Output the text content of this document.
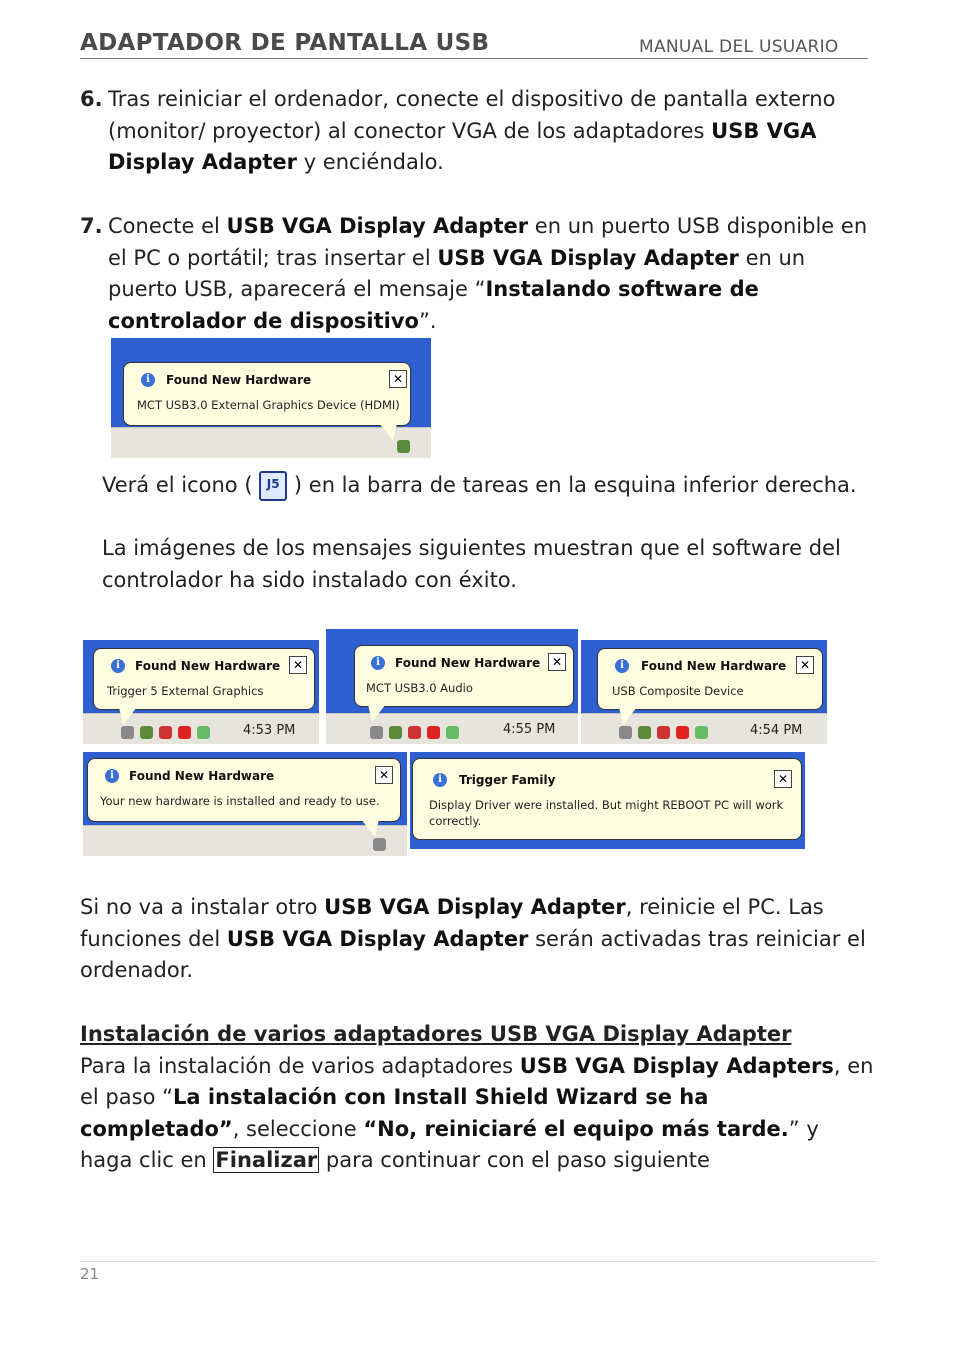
ADAPTADOR DE PANTALLA USB	MANUAL DEL USUARIO
6. Tras reiniciar el ordenador, conecte el dispositivo de pantalla externo (monitor/ proyector) al conector VGA de los adaptadores USB VGA Display Adapter y enciéndalo.
7. Conecte el USB VGA Display Adapter en un puerto USB disponible en el PC o portátil; tras insertar el USB VGA Display Adapter en un puerto USB, aparecerá el mensaje “Instalando software de controlador de dispositivo”.
i	Found New Hardware	✕
MCT USB3.0 External Graphics Device (HDMI)
Verá el icono ( J5 ) en la barra de tareas en la esquina inferior derecha.
La imágenes de los mensajes siguientes muestran que el software del controlador ha sido instalado con éxito.
i	Found New Hardware	✕
Trigger 5 External Graphics
4:53 PM
i	Found New Hardware ✕
MCT USB3.0 Audio
4:55 PM
i	Found New Hardware	✕
USB Composite Device
4:54 PM
i	Found New Hardware	✕
Your new hardware is installed and ready to use.
i	Trigger Family	✕
Display Driver were installed. But might REBOOT PC will work
correctly.
Si no va a instalar otro USB VGA Display Adapter, reinicie el PC. Las funciones del USB VGA Display Adapter serán activadas tras reiniciar el ordenador.
Instalación de varios adaptadores USB VGA Display Adapter
Para la instalación de varios adaptadores USB VGA Display Adapters, en el paso “La instalación con Install Shield Wizard se ha completado”, seleccione “No, reiniciaré el equipo más tarde.” y haga clic en Finalizar para continuar con el paso siguiente
21
